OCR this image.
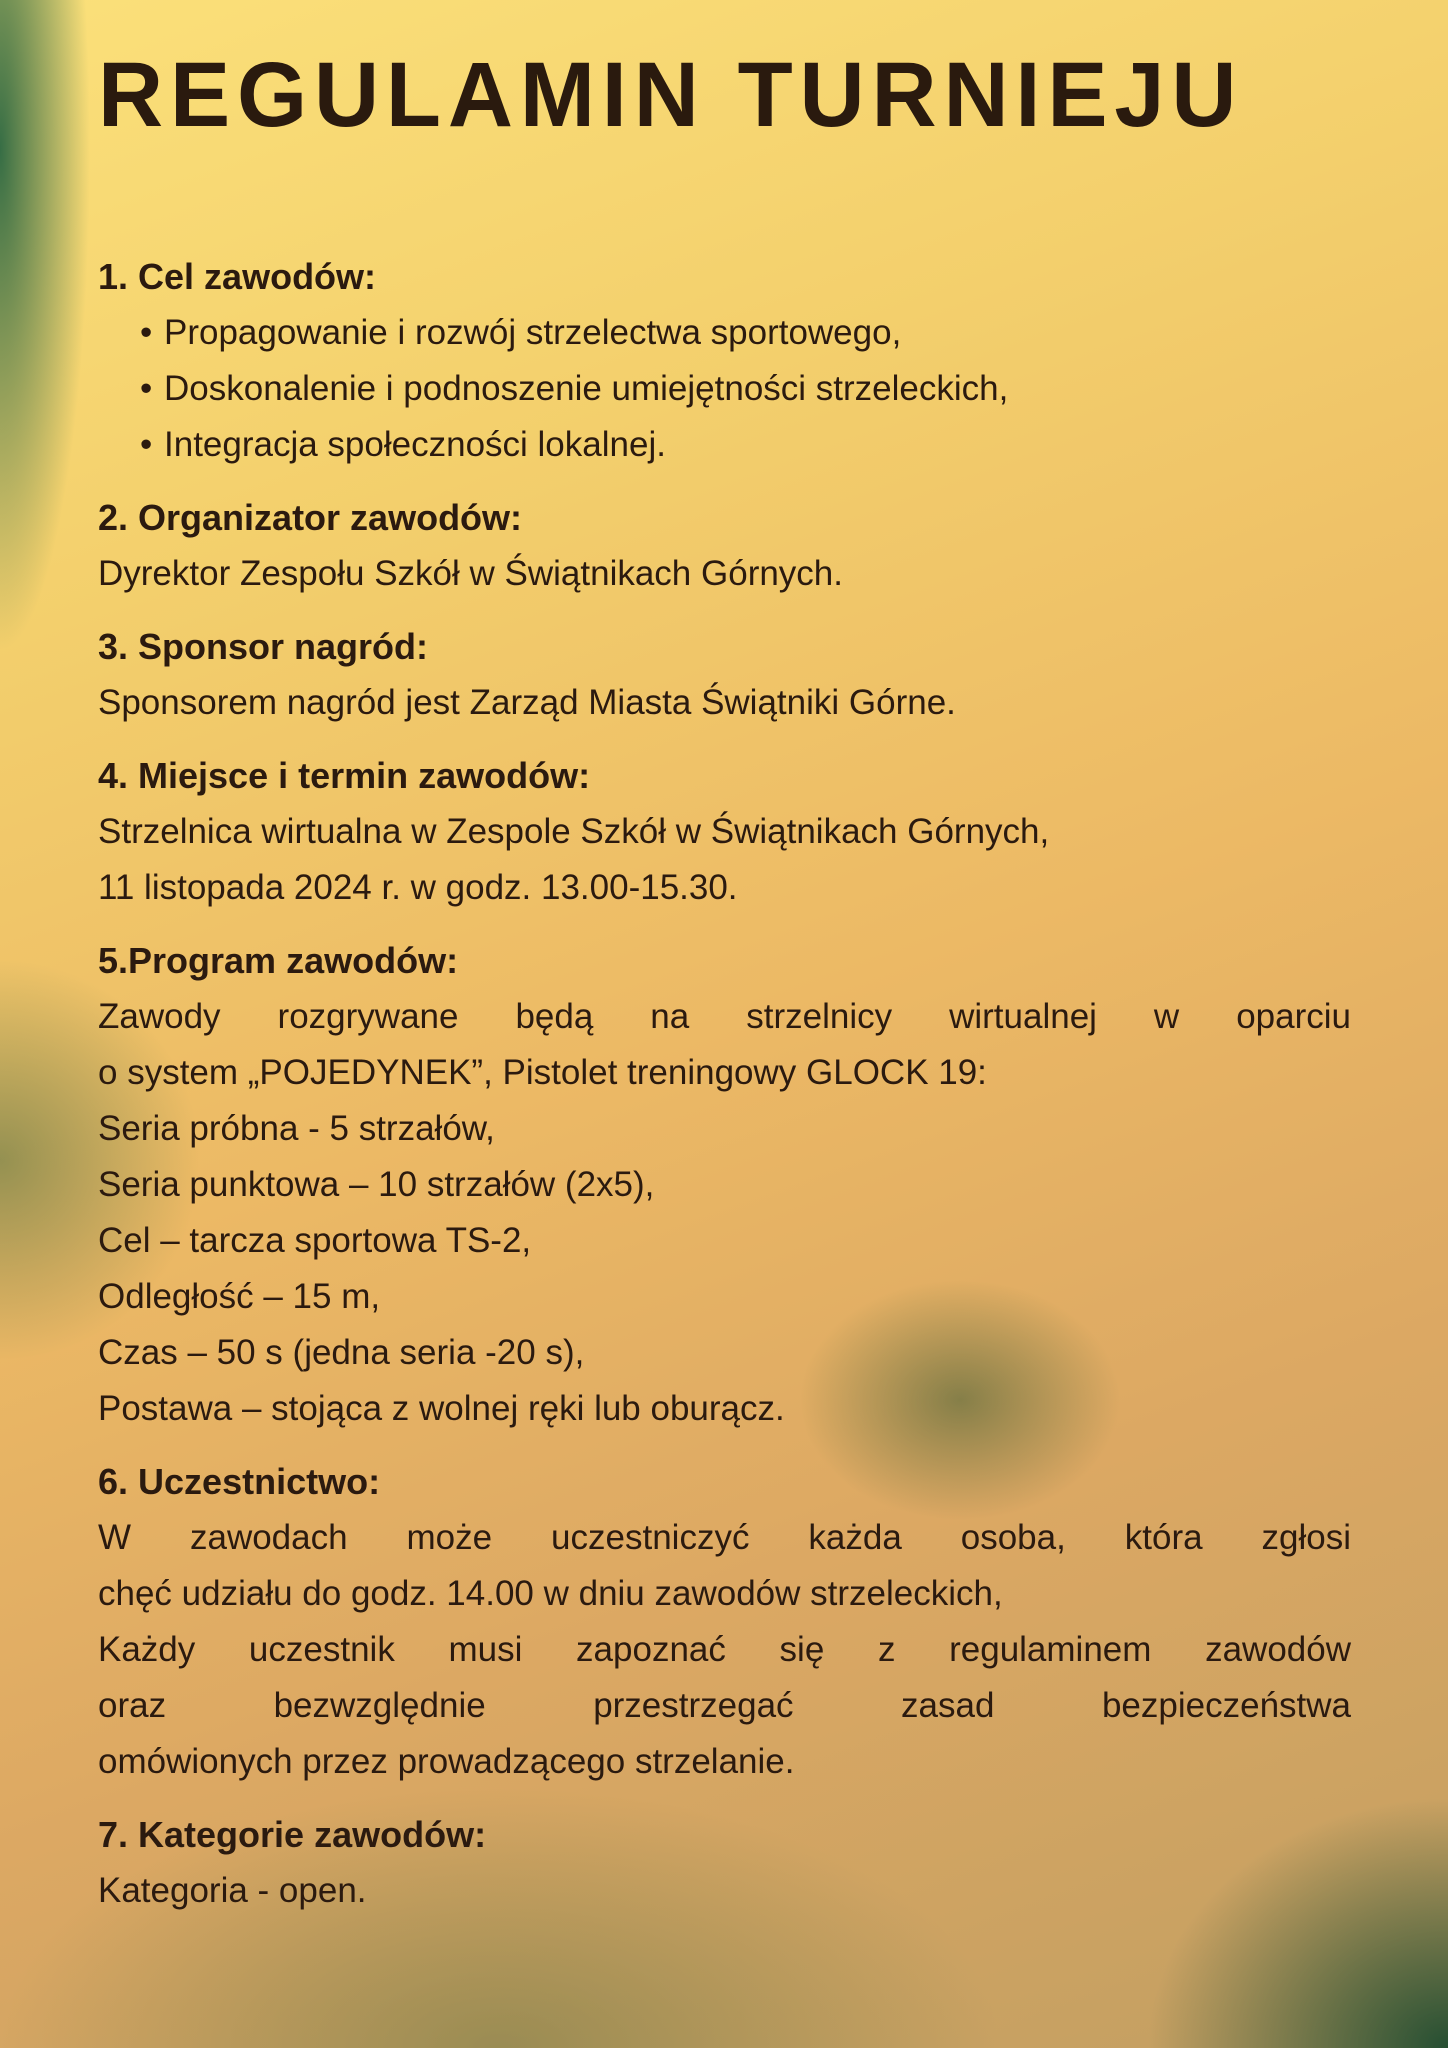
REGULAMIN TURNIEJU
1. Cel zawodów:
• Propagowanie i rozwój strzelectwa sportowego,
• Doskonalenie i podnoszenie umiejętności strzeleckich,
• Integracja społeczności lokalnej.
2. Organizator zawodów:
Dyrektor Zespołu Szkół w Świątnikach Górnych.
3. Sponsor nagród:
Sponsorem nagród jest Zarząd Miasta Świątniki Górne.
4. Miejsce i termin zawodów:
Strzelnica wirtualna w Zespole Szkół w Świątnikach Górnych,
11 listopada 2024 r. w godz. 13.00-15.30.
5.Program zawodów:
Zawody rozgrywane będą na strzelnicy wirtualnej w oparciu
o system „POJEDYNEK”, Pistolet treningowy GLOCK 19:
Seria próbna - 5 strzałów,
Seria punktowa – 10 strzałów (2x5),
Cel – tarcza sportowa TS-2,
Odległość – 15 m,
Czas – 50 s (jedna seria -20 s),
Postawa – stojąca z wolnej ręki lub oburącz.
6. Uczestnictwo:
W zawodach może uczestniczyć każda osoba, która zgłosi
chęć udziału do godz. 14.00 w dniu zawodów strzeleckich,
Każdy uczestnik musi zapoznać się z regulaminem zawodów
oraz bezwzględnie przestrzegać zasad bezpieczeństwa
omówionych przez prowadzącego strzelanie.
7. Kategorie zawodów:
Kategoria - open.
